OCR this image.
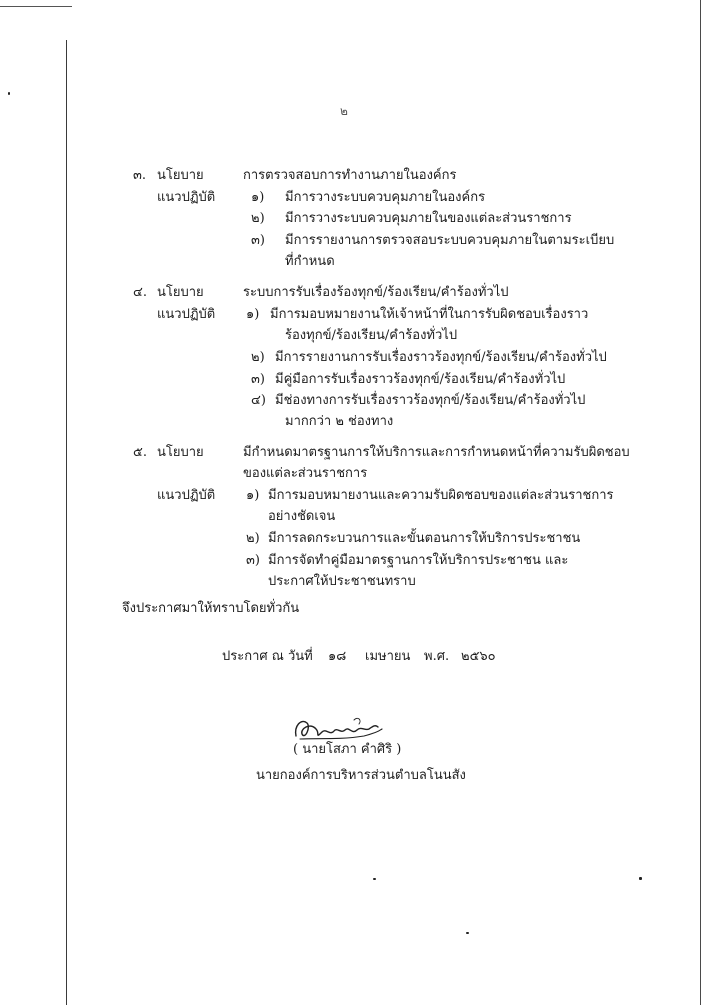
๒
๓. นโยบาย	การตรวจสอบการทำงานภายในองค์กร
แนวปฏิบัติ	๑) มีการวางระบบควบคุมภายในองค์กร
๒) มีการวางระบบควบคุมภายในของแต่ละส่วนราชการ
๓) มีการรายงานการตรวจสอบระบบควบคุมภายในตามระเบียบ
ที่กำหนด
๔. นโยบาย	ระบบการรับเรื่องร้องทุกข์/ร้องเรียน/คำร้องทั่วไป
แนวปฏิบัติ ๑) มีการมอบหมายงานให้เจ้าหน้าที่ในการรับผิดชอบเรื่องราว
ร้องทุกข์/ร้องเรียน/คำร้องทั่วไป
๒) มีการรายงานการรับเรื่องราวร้องทุกข์/ร้องเรียน/คำร้องทั่วไป
๓) มีคู่มือการรับเรื่องราวร้องทุกข์/ร้องเรียน/คำร้องทั่วไป
๔) มีช่องทางการรับเรื่องราวร้องทุกข์/ร้องเรียน/คำร้องทั่วไป
มากกว่า ๒ ช่องทาง
๕. นโยบาย	มีกำหนดมาตรฐานการให้บริการและการกำหนดหน้าที่ความรับผิดชอบ
ของแต่ละส่วนราชการ
แนวปฏิบัติ ๑) มีการมอบหมายงานและความรับผิดชอบของแต่ละส่วนราชการ
อย่างชัดเจน
๒) มีการลดกระบวนการและขั้นตอนการให้บริการประชาชน
๓) มีการจัดทำคู่มือมาตรฐานการให้บริการประชาชน และ
ประกาศให้ประชาชนทราบ
จึงประกาศมาให้ทราบโดยทั่วกัน
ประกาศ ณ วันที่ ๑๘ เมษายน พ.ศ. ๒๕๖๐
( นายโสภา คำศิริ )
นายกองค์การบริหารส่วนตำบลโนนสัง
